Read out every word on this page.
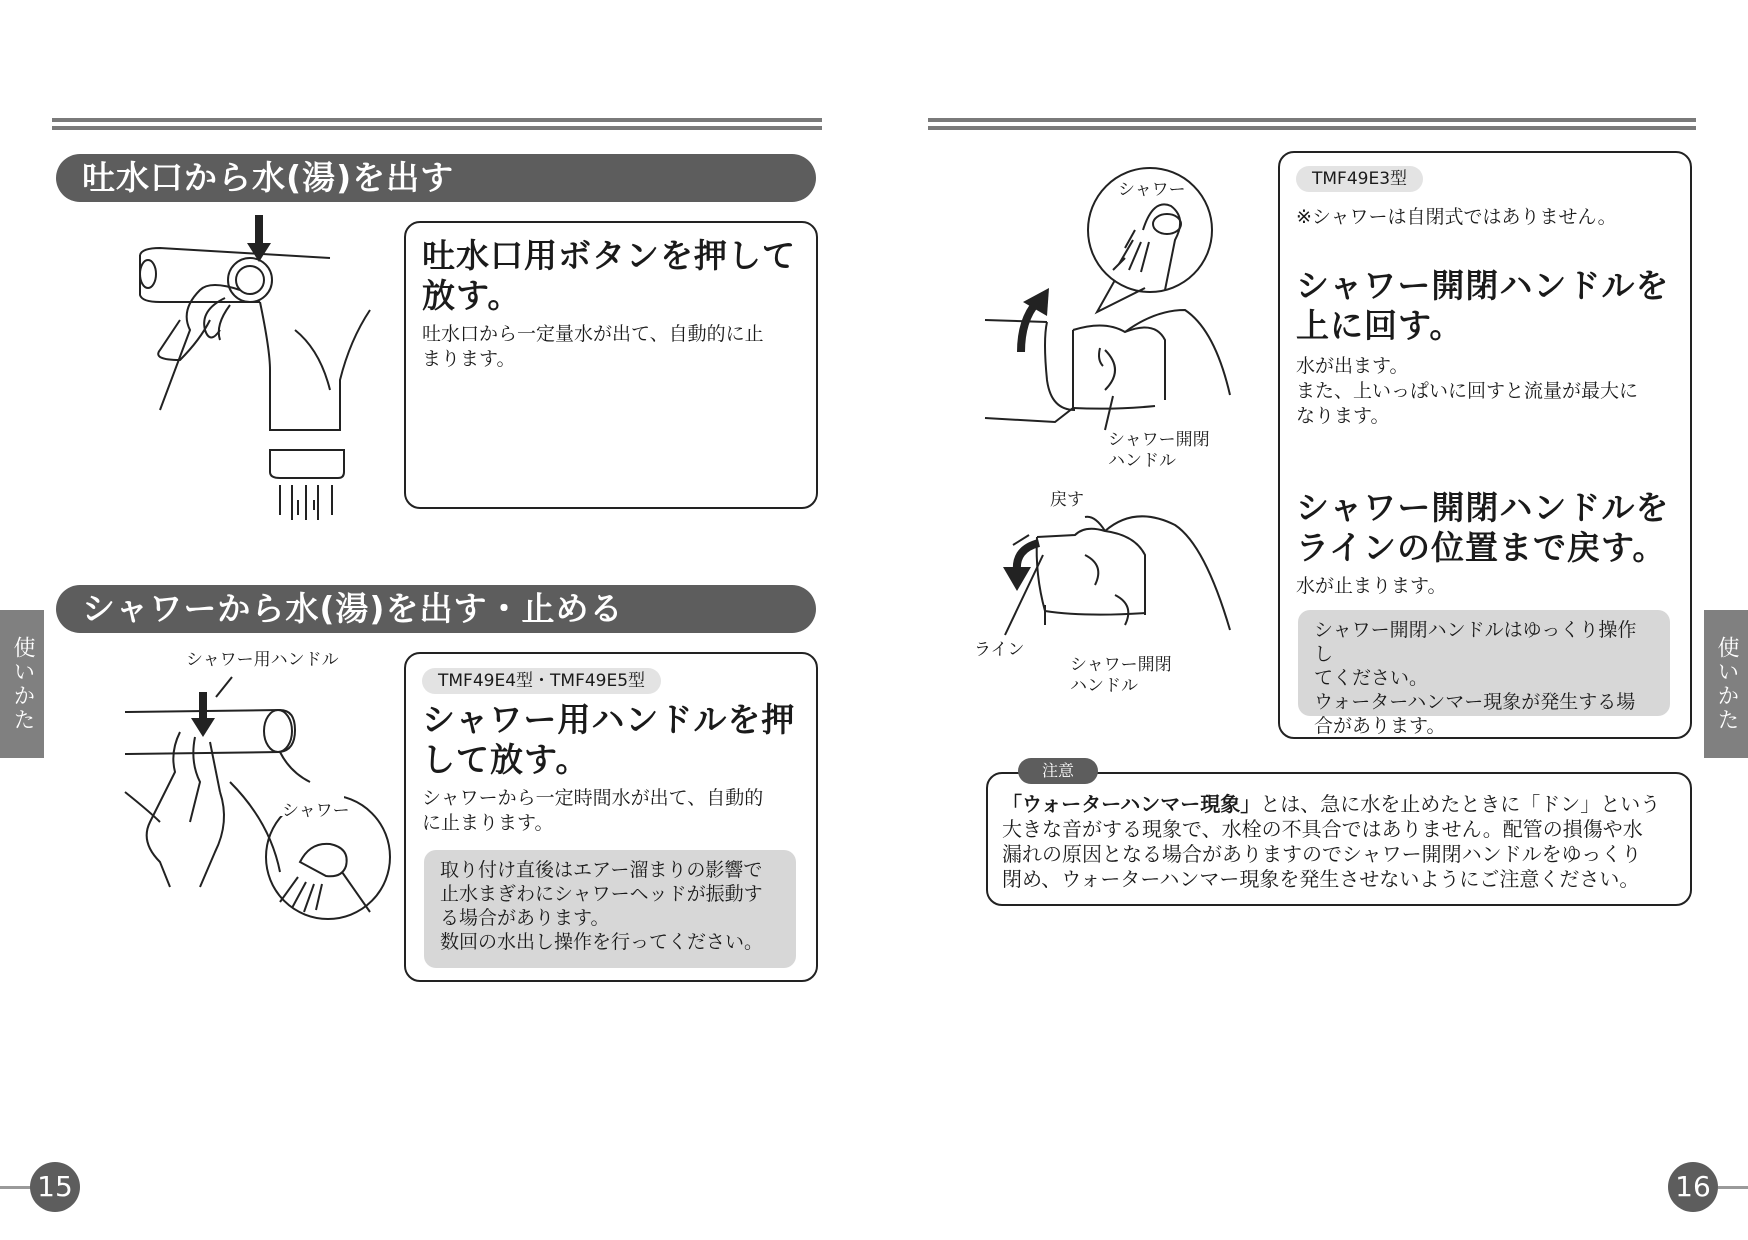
吐水口から水(湯)を出す
吐水口用ボタンを押して
放す。
吐水口から一定量水が出て、自動的に止
まります。
シャワーから水(湯)を出す・止める
シャワー用ハンドル
シャワー
TMF49E4型・TMF49E5型
シャワー用ハンドルを押
して放す。
シャワーから一定時間水が出て、自動的
に止まります。
取り付け直後はエアー溜まりの影響で
止水まぎわにシャワーヘッドが振動す
る場合があります。
数回の水出し操作を行ってください。
使いかた
15
シャワー開閉
ハンドル
シャワー
戻す
ライン
シャワー開閉
ハンドル
TMF49E3型
※シャワーは自閉式ではありません。
シャワー開閉ハンドルを
上に回す。
水が出ます。
また、上いっぱいに回すと流量が最大に
なります。
シャワー開閉ハンドルを
ラインの位置まで戻す。
水が止まります。
シャワー開閉ハンドルはゆっくり操作し
てください。
ウォーターハンマー現象が発生する場
合があります。
注意
「ウォーターハンマー現象」とは、急に水を止めたときに「ドン」という
大きな音がする現象で、水栓の不具合ではありません。配管の損傷や水
漏れの原因となる場合がありますのでシャワー開閉ハンドルをゆっくり
閉め、ウォーターハンマー現象を発生させないようにご注意ください。
使いかた
16
